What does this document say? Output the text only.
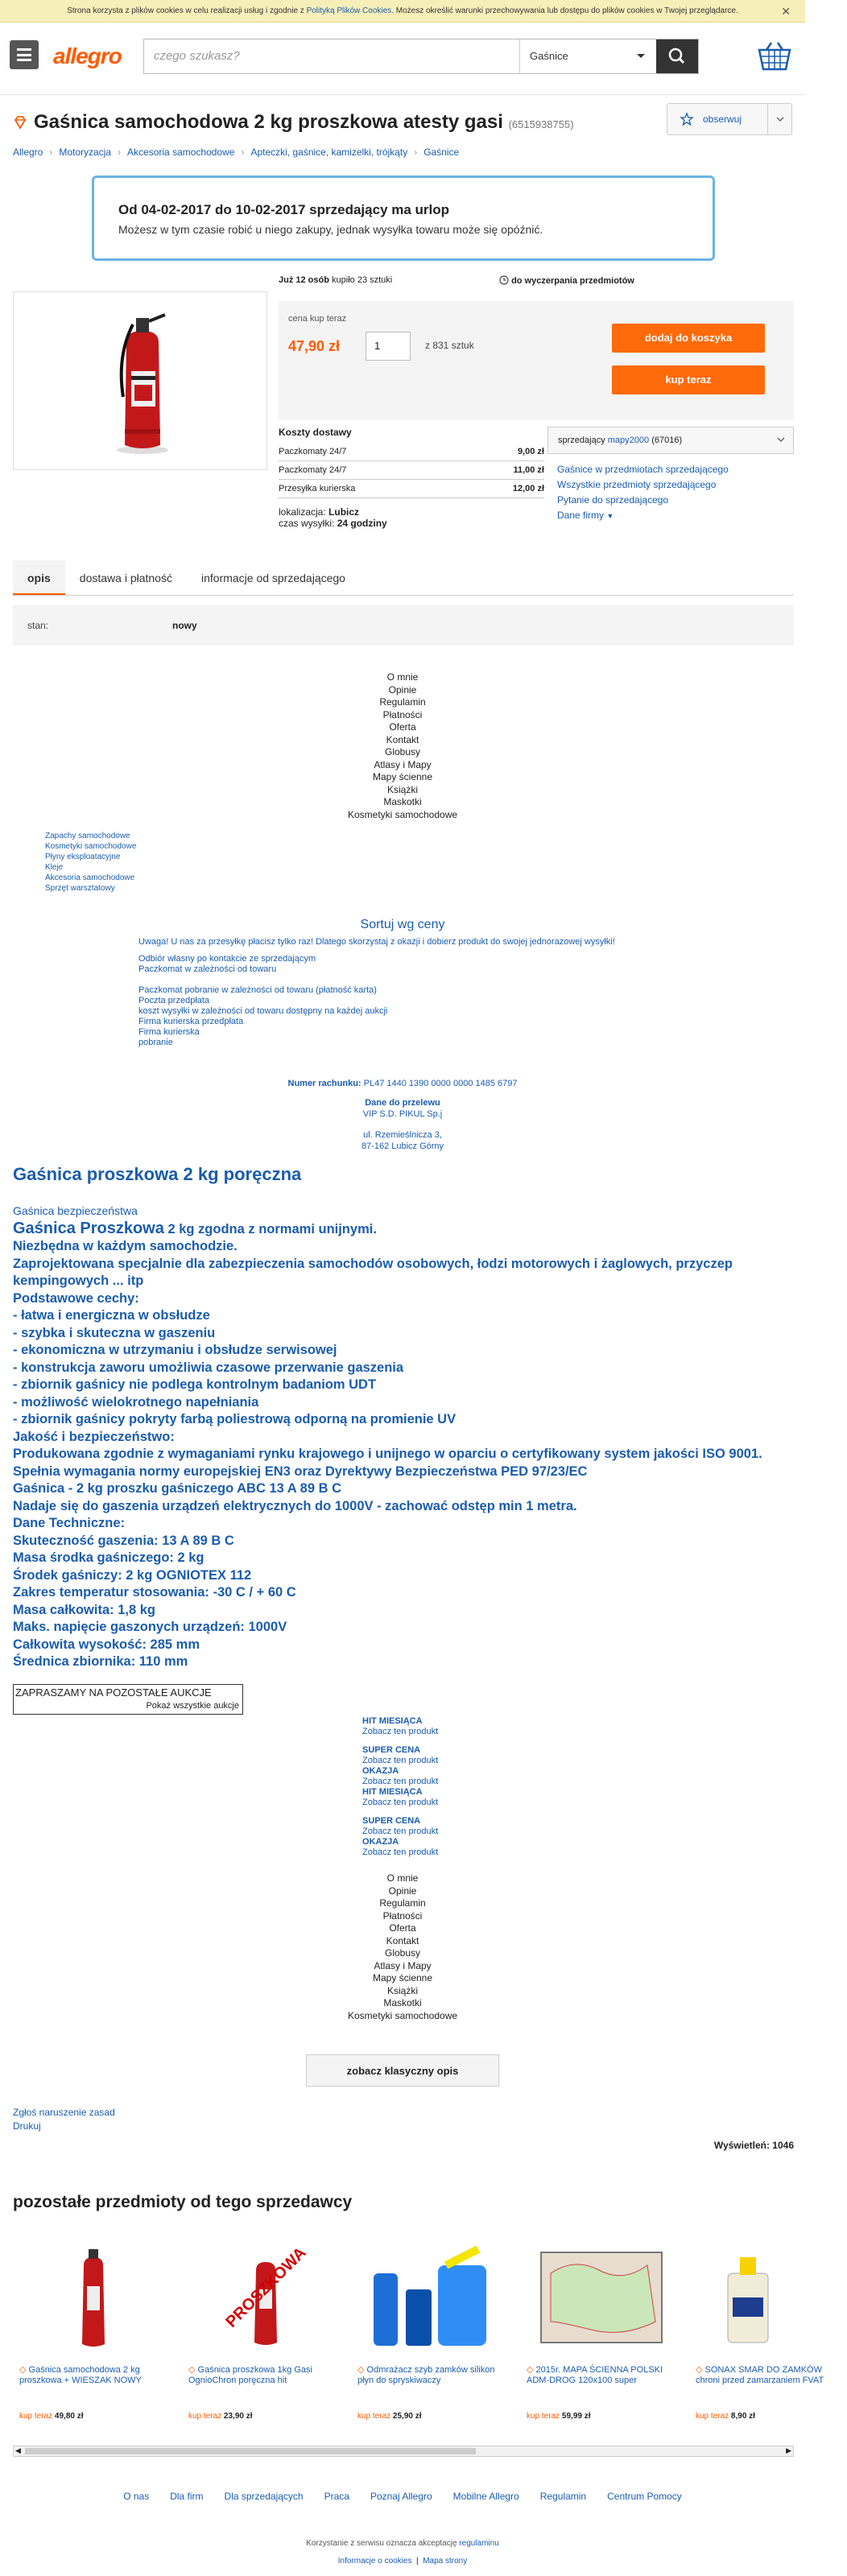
Strona korzysta z plików cookies w celu realizacji usług i zgodnie z Polityką Plików Cookies. Możesz określić warunki przechowywania lub dostępu do plików cookies w Twojej przeglądarce.	✕
allegro	czego szukasz?	Gaśnice
Gaśnica samochodowa 2 kg proszkowa atesty gasi (6515938755)	obserwuj
Allegro › Motoryzacja › Akcesoria samochodowe › Apteczki, gaśnice, kamizelki, trójkąty › Gaśnice
Od 04-02-2017 do 10-02-2017 sprzedający ma urlop
Możesz w tym czasie robić u niego zakupy, jednak wysyłka towaru może się opóźnić.
Już 12 osób kupiło 23 sztuki	do wyczerpania przedmiotów
cena kup teraz
47,90 zł	1	z 831 sztuk
dodaj do koszyka
kup teraz
Koszty dostawy
Paczkomaty 24/7	9,00 zł
Paczkomaty 24/7	11,00 zł
Przesyłka kurierska	12,00 zł
lokalizacja: Lubicz
czas wysyłki: 24 godziny
sprzedający mapy2000 (67016)
Gaśnice w przedmiotach sprzedającego
Wszystkie przedmioty sprzedającego
Pytanie do sprzedającego
Dane firmy ▼
opis	dostawa i płatność	informacje od sprzedającego
stan:	nowy
O mnie
Opinie
Regulamin
Płatności
Oferta
Kontakt
Globusy
Atlasy i Mapy
Mapy ścienne
Książki
Maskotki
Kosmetyki samochodowe
Zapachy samochodowe
Kosmetyki samochodowe
Płyny eksploatacyjne
Kleje
Akcesoria samochodowe
Sprzęt warsztatowy
Sortuj wg ceny
Uwaga! U nas za przesyłkę płacisz tylko raz! Dlatego skorzystaj z okazji i dobierz produkt do swojej jednorazowej wysyłki!
Odbiór własny po kontakcie ze sprzedającym
Paczkomat w zależności od towaru
Paczkomat pobranie w zależności od towaru (płatność karta)
Poczta przedpłata
koszt wysyłki w zależności od towaru dostępny na każdej aukcji
Firma kurierska przedpłata
Firma kurierska
pobranie
Numer rachunku: PL47 1440 1390 0000 0000 1485 6797
Dane do przelewu
VIP S.D. PIKUL Sp.j
ul. Rzemieślnicza 3,
87-162 Lubicz Górny
Gaśnica proszkowa 2 kg poręczna
Gaśnica bezpieczeństwa
Gaśnica Proszkowa 2 kg zgodna z normami unijnymi.
Niezbędna w każdym samochodzie.
Zaprojektowana specjalnie dla zabezpieczenia samochodów osobowych, łodzi motorowych i żaglowych, przyczep kempingowych ... itp
Podstawowe cechy:
- łatwa i energiczna w obsłudze
- szybka i skuteczna w gaszeniu
- ekonomiczna w utrzymaniu i obsłudze serwisowej
- konstrukcja zaworu umożliwia czasowe przerwanie gaszenia
- zbiornik gaśnicy nie podlega kontrolnym badaniom UDT
- możliwość wielokrotnego napełniania
- zbiornik gaśnicy pokryty farbą poliestrową odporną na promienie UV
Jakość i bezpieczeństwo:
Produkowana zgodnie z wymaganiami rynku krajowego i unijnego w oparciu o certyfikowany system jakości ISO 9001. Spełnia wymagania normy europejskiej EN3 oraz Dyrektywy Bezpieczeństwa PED 97/23/EC
Gaśnica - 2 kg proszku gaśniczego ABC 13 A 89 B C
Nadaje się do gaszenia urządzeń elektrycznych do 1000V - zachować odstęp min 1 metra.
Dane Techniczne:
Skuteczność gaszenia: 13 A 89 B C
Masa środka gaśniczego: 2 kg
Środek gaśniczy: 2 kg OGNIOTEX 112
Zakres temperatur stosowania: -30 C / + 60 C
Masa całkowita: 1,8 kg
Maks. napięcie gaszonych urządzeń: 1000V
Całkowita wysokość: 285 mm
Średnica zbiornika: 110 mm
ZAPRASZAMY NA POZOSTAŁE AUKCJE
Pokaż wszystkie aukcje
HIT MIESIĄCA
Zobacz ten produkt
SUPER CENA
Zobacz ten produkt
OKAZJA
Zobacz ten produkt
HIT MIESIĄCA
Zobacz ten produkt
SUPER CENA
Zobacz ten produkt
OKAZJA
Zobacz ten produkt
O mnie
Opinie
Regulamin
Płatności
Oferta
Kontakt
Globusy
Atlasy i Mapy
Mapy ścienne
Książki
Maskotki
Kosmetyki samochodowe
zobacz klasyczny opis
Zgłoś naruszenie zasad
Drukuj
Wyświetleń: 1046
pozostałe przedmioty od tego sprzedawcy
◇ Gaśnica samochodowa 2 kg proszkowa + WIESZAK NOWY
kup teraz 49,80 zł
PROSZKOWA
◇ Gaśnica proszkowa 1kg Gasi OgnioChron poręczna hit
kup teraz 23,90 zł
◇ Odmrażacz szyb zamków silikon płyn do spryskiwaczy
kup teraz 25,90 zł
◇ 2015r. MAPA ŚCIENNA POLSKI ADM-DROG 120x100 super
kup teraz 59,99 zł
◇ SONAX SMAR DO ZAMKÓW chroni przed zamarzaniem FVAT
kup teraz 8,90 zł
◀	▶
O nas Dla firm Dla sprzedających Praca Poznaj Allegro Mobilne Allegro Regulamin Centrum Pomocy
Korzystanie z serwisu oznacza akceptację regulaminu
Informacje o cookies  |  Mapa strony
